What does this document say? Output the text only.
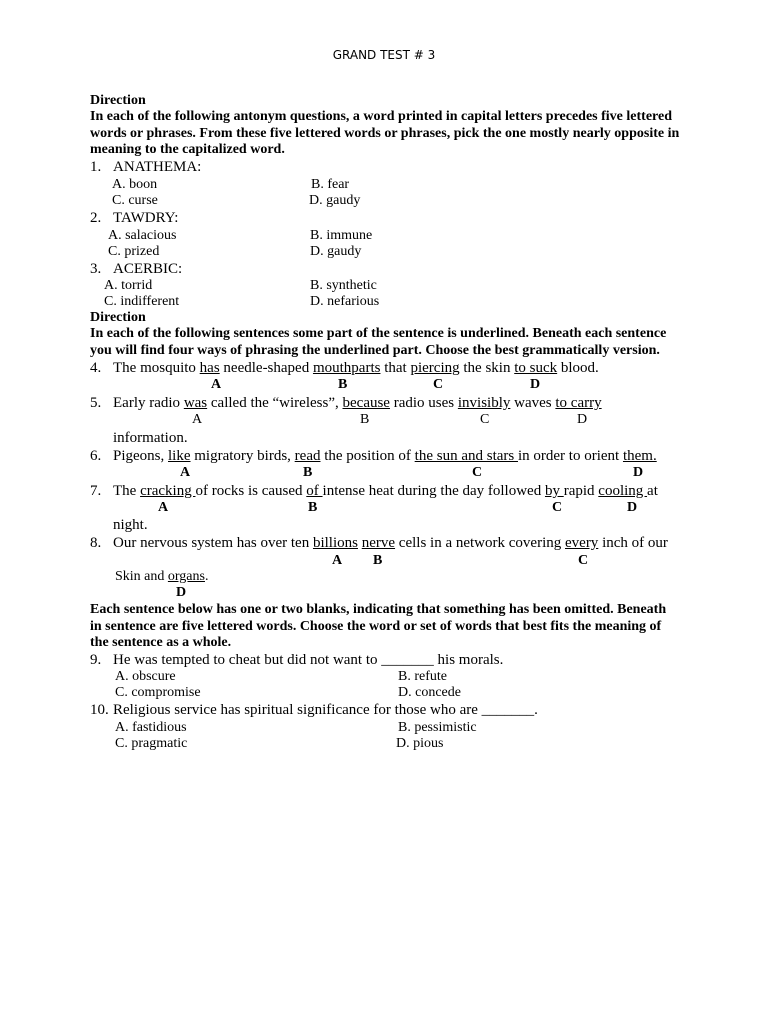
GRAND TEST # 3
Direction
In each of the following antonym questions, a word printed in capital letters precedes five lettered words or phrases. From these five lettered words or phrases, pick the one mostly nearly opposite in meaning to the capitalized word.
1. ANATHEMA:
A. boon	B. fear
C. curse	D. gaudy
2. TAWDRY:
A. salacious	B. immune
C. prized	D. gaudy
3. ACERBIC:
A. torrid	B. synthetic
C. indifferent	D. nefarious
Direction
In each of the following sentences some part of the sentence is underlined. Beneath each sentence you will find four ways of phrasing the underlined part. Choose the best grammatically version.
4. The mosquito has needle-shaped mouthparts that piercing the skin to suck blood.
A	B	C	D
5. Early radio was called the “wireless”, because radio uses invisibly waves to carry
A	B	C	D
information.
6. Pigeons, like migratory birds, read the position of the sun and stars in order to orient them.
A	B	C	D
7. The cracking of rocks is caused of intense heat during the day followed by rapid cooling at
A	B	C	D
night.
8. Our nervous system has over ten billions nerve cells in a network covering every inch of our
A B	C
Skin and organs.
D
Each sentence below has one or two blanks, indicating that something has been omitted. Beneath in sentence are five lettered words. Choose the word or set of words that best fits the meaning of the sentence as a whole.
9. He was tempted to cheat but did not want to _______ his morals.
A. obscure	B. refute
C. compromise	D. concede
10. Religious service has spiritual significance for those who are _______.
A. fastidious	B. pessimistic
C. pragmatic	D. pious
